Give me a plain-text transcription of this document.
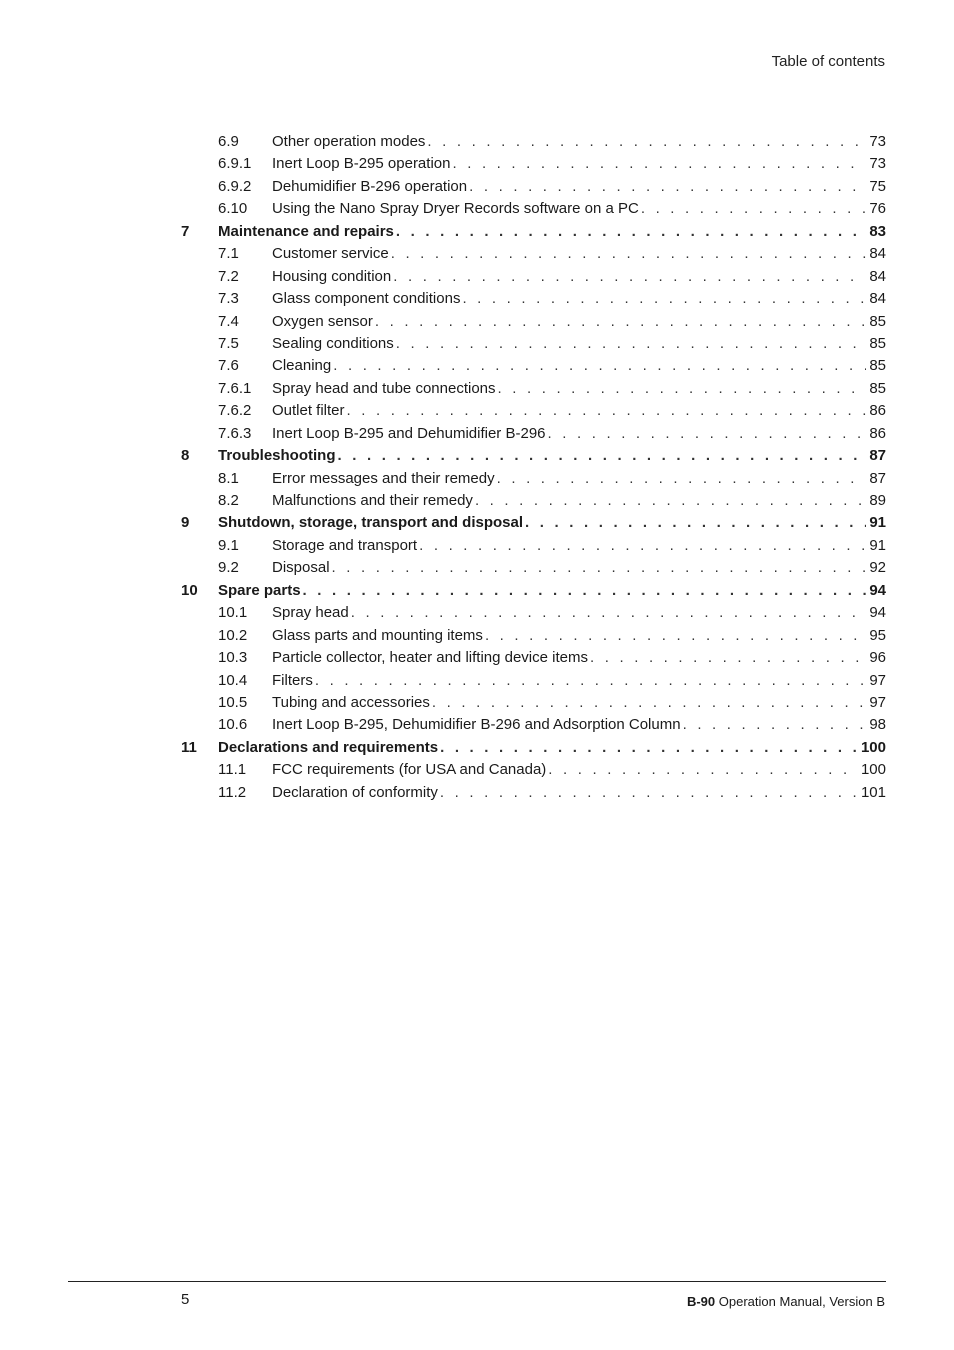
Table of contents
6.9 Other operation modes . . .	73
6.9.1 Inert Loop B-295 operation . . .	73
6.9.2 Dehumidifier B-296 operation . . .	75
6.10 Using the Nano Spray Dryer Records software on a PC . . .	76
7 Maintenance and repairs . . .	83
7.1 Customer service . . .	84
7.2 Housing condition . . .	84
7.3 Glass component conditions . . .	84
7.4 Oxygen sensor . . .	85
7.5 Sealing conditions . . .	85
7.6 Cleaning . . .	85
7.6.1 Spray head and tube connections . . .	85
7.6.2 Outlet filter . . .	86
7.6.3 Inert Loop B-295 and Dehumidifier B-296 . . .	86
8 Troubleshooting . . .	87
8.1 Error messages and their remedy . . .	87
8.2 Malfunctions and their remedy . . .	89
9 Shutdown, storage, transport and disposal . . .	91
9.1 Storage and transport . . .	91
9.2 Disposal . . .	92
10 Spare parts . . .	94
10.1 Spray head . . .	94
10.2 Glass parts and mounting items . . .	95
10.3 Particle collector, heater and lifting device items . . .	96
10.4 Filters . . .	97
10.5 Tubing and accessories . . .	97
10.6 Inert Loop B-295, Dehumidifier B-296 and Adsorption Column . . .	98
11 Declarations and requirements . . .	100
11.1 FCC requirements (for USA and Canada) . . .	100
11.2 Declaration of conformity . . .	101
5	B-90 Operation Manual, Version B
